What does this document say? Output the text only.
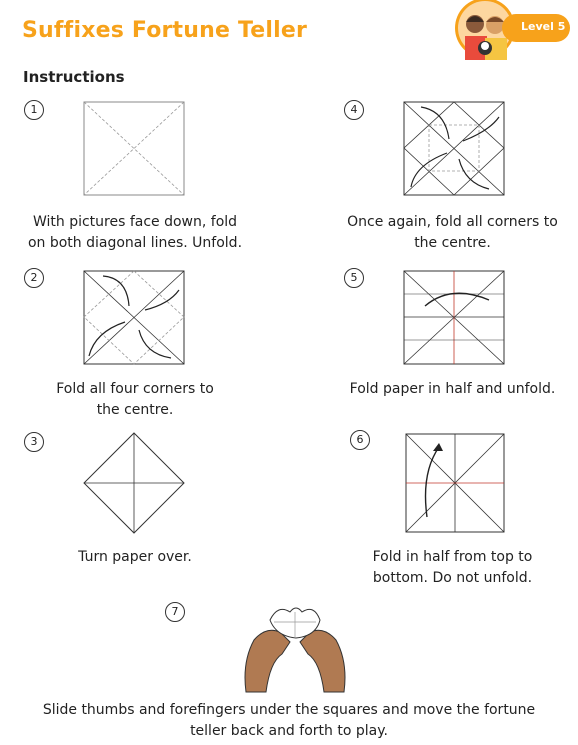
Suffixes Fortune Teller	Level 5
Instructions
1
With pictures face down, fold
on both diagonal lines. Unfold.
4
Once again, fold all corners to
the centre.
2
Fold all four corners to
the centre.
5
Fold paper in half and unfold.
3
Turn paper over.
6
Fold in half from top to
bottom. Do not unfold.
7
Slide thumbs and forefingers under the squares and move the fortune
teller back and forth to play.
